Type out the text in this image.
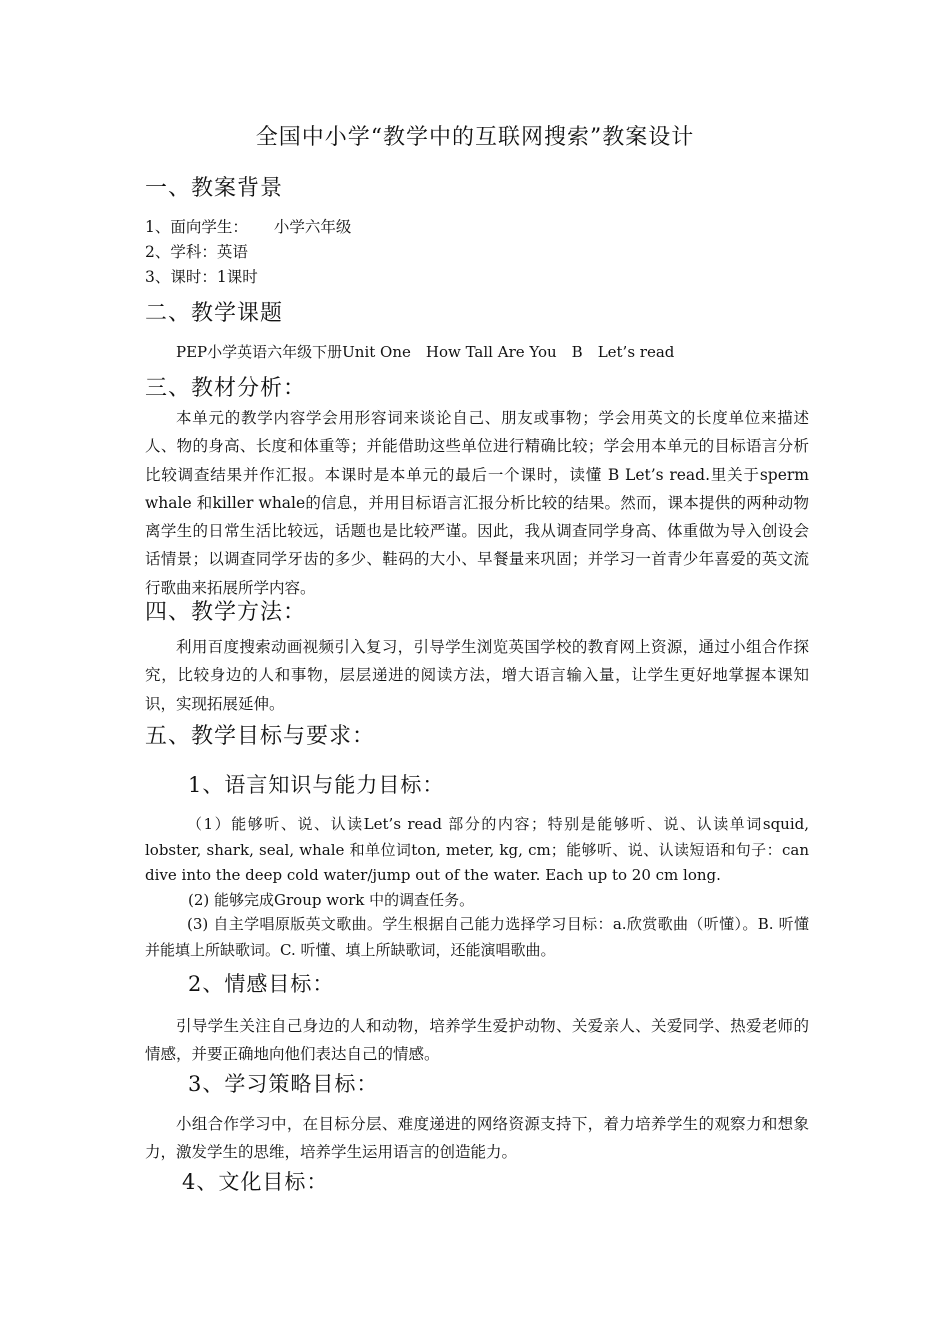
全国中小学“教学中的互联网搜索”教案设计
一、教案背景
1、面向学生： 小学六年级
2、学科：英语
3、课时：1课时
二、教学课题
PEP小学英语六年级下册Unit One　How Tall Are You　B　Let’s read
三、教材分析：
本单元的教学内容学会用形容词来谈论自己、朋友或事物；学会用英文的长度单位来描述人、物的身高、长度和体重等；并能借助这些单位进行精确比较；学会用本单元的目标语言分析比较调查结果并作汇报。本课时是本单元的最后一个课时，读懂 B Let’s read.里关于sperm whale 和killer whale的信息，并用目标语言汇报分析比较的结果。然而，课本提供的两种动物离学生的日常生活比较远，话题也是比较严谨。因此，我从调查同学身高、体重做为导入创设会话情景；以调查同学牙齿的多少、鞋码的大小、早餐量来巩固；并学习一首青少年喜爱的英文流行歌曲来拓展所学内容。
四、教学方法：
利用百度搜索动画视频引入复习，引导学生浏览英国学校的教育网上资源，通过小组合作探究，比较身边的人和事物，层层递进的阅读方法，增大语言输入量，让学生更好地掌握本课知识，实现拓展延伸。
五、教学目标与要求：
1、语言知识与能力目标：
（1）能够听、说、认读Let’s read 部分的内容；特别是能够听、说、认读单词squid, lobster, shark, seal, whale 和单位词ton, meter, kg, cm；能够听、说、认读短语和句子：can dive into the deep cold water/jump out of the water. Each up to 20 cm long.
(2) 能够完成Group work 中的调查任务。
(3) 自主学唱原版英文歌曲。学生根据自己能力选择学习目标：a.欣赏歌曲（听懂）。B. 听懂并能填上所缺歌词。C. 听懂、填上所缺歌词，还能演唱歌曲。
2、情感目标：
引导学生关注自己身边的人和动物，培养学生爱护动物、关爱亲人、关爱同学、热爱老师的情感，并要正确地向他们表达自己的情感。
3、学习策略目标：
小组合作学习中，在目标分层、难度递进的网络资源支持下，着力培养学生的观察力和想象力，激发学生的思维，培养学生运用语言的创造能力。
4、文化目标：
